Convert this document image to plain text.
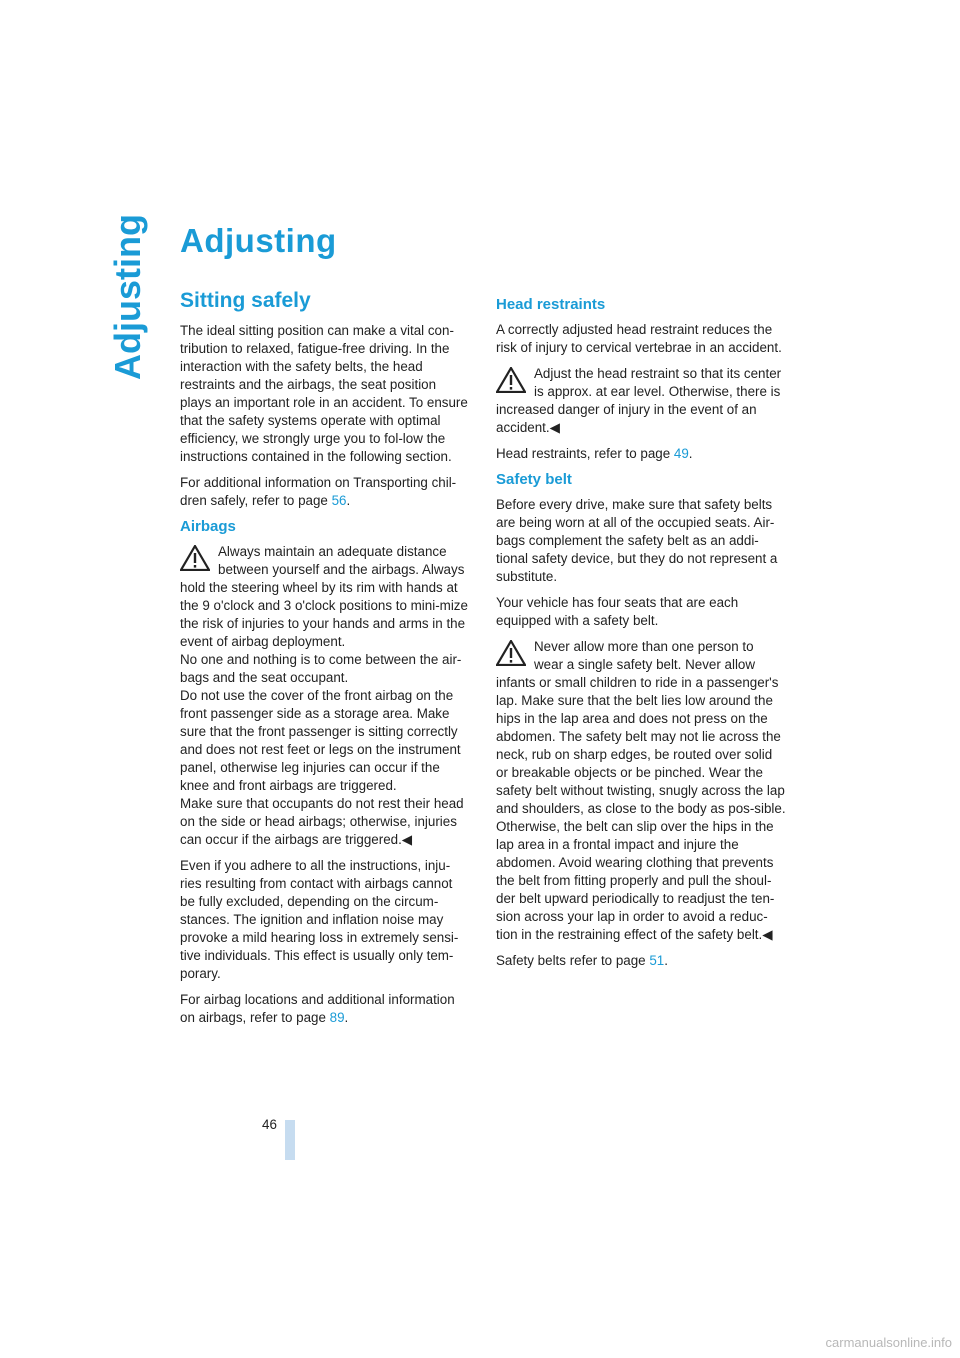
Adjusting Adjusting
Sitting safely

The ideal sitting position can make a vital con-tribution to relaxed, fatigue-free driving. In the interaction with the safety belts, the head restraints and the airbags, the seat position plays an important role in an accident. To ensure that the safety systems operate with optimal efficiency, we strongly urge you to fol-low the instructions contained in the following section.

For additional information on Transporting chil-dren safely, refer to page 56.

Airbags
Always maintain an adequate distance between yourself and the airbags. Always hold the steering wheel by its rim with hands at the 9 o'clock and 3 o'clock positions to mini-mize the risk of injuries to your hands and arms in the event of airbag deployment.
No one and nothing is to come between the air-bags and the seat occupant.
Do not use the cover of the front airbag on the front passenger side as a storage area. Make sure that the front passenger is sitting correctly and does not rest feet or legs on the instrument panel, otherwise leg injuries can occur if the knee and front airbags are triggered.
Make sure that occupants do not rest their head on the side or head airbags; otherwise, injuries can occur if the airbags are triggered.◀

Even if you adhere to all the instructions, inju-ries resulting from contact with airbags cannot be fully excluded, depending on the circum-stances. The ignition and inflation noise may provoke a mild hearing loss in extremely sensi-tive individuals. This effect is usually only tem-porary.

For airbag locations and additional information on airbags, refer to page 89.

Head restraints

A correctly adjusted head restraint reduces the risk of injury to cervical vertebrae in an accident.

Adjust the head restraint so that its center is approx. at ear level. Otherwise, there is increased danger of injury in the event of an accident.◀

Head restraints, refer to page 49.

Safety belt

Before every drive, make sure that safety belts are being worn at all of the occupied seats. Air-bags complement the safety belt as an addi-tional safety device, but they do not represent a substitute.

Your vehicle has four seats that are each equipped with a safety belt.

Never allow more than one person to wear a single safety belt. Never allow infants or small children to ride in a passenger's lap. Make sure that the belt lies low around the hips in the lap area and does not press on the abdomen. The safety belt may not lie across the neck, rub on sharp edges, be routed over solid or breakable objects or be pinched. Wear the safety belt without twisting, snugly across the lap and shoulders, as close to the body as pos-sible. Otherwise, the belt can slip over the hips in the lap area in a frontal impact and injure the abdomen. Avoid wearing clothing that prevents the belt from fitting properly and pull the shoul-der belt upward periodically to readjust the ten-sion across your lap in order to avoid a reduc-tion in the restraining effect of the safety belt.◀

Safety belts refer to page 51.

46
carmanualsonline.info
